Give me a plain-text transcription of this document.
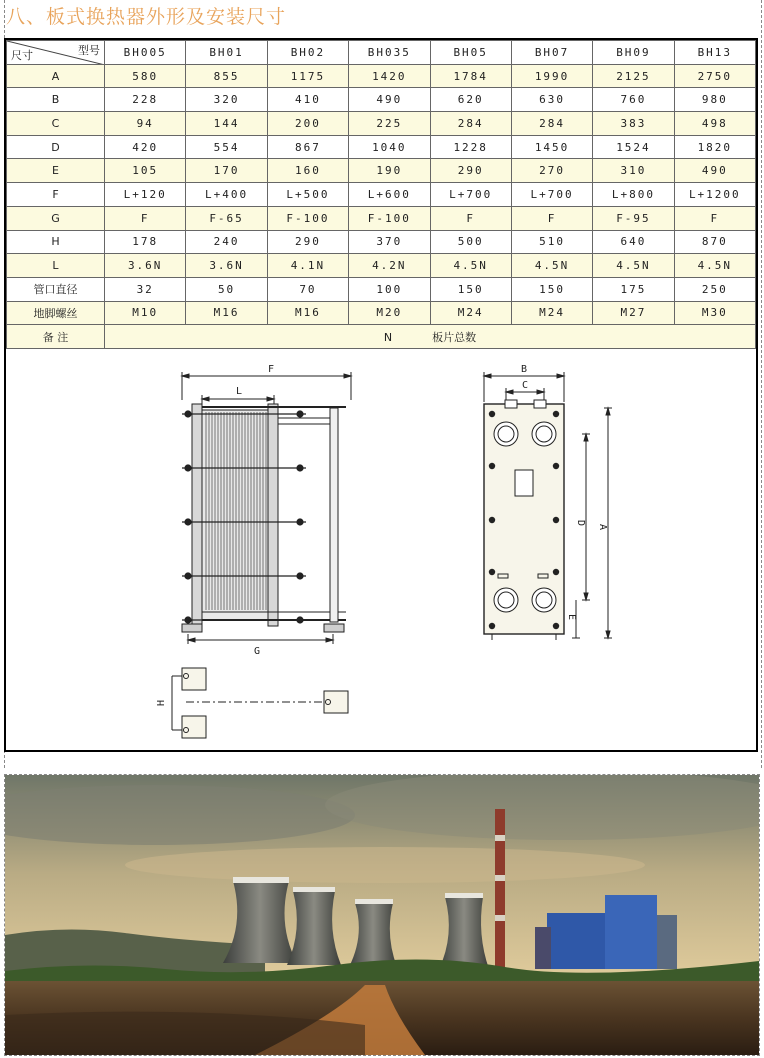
八、板式换热器外形及安装尺寸
型号
尺寸	BH005	BH01	BH02	BH035	BH05	BH07	BH09	BH13
A	580	855	1175	1420	1784	1990	2125	2750
B	228	320	410	490	620	630	760	980
C	94	144	200	225	284	284	383	498
D	420	554	867	1040	1228	1450	1524	1820
E	105	170	160	190	290	270	310	490
F	L+120	L+400	L+500	L+600	L+700	L+700	L+800	L+1200
G	F	F-65	F-100	F-100	F	F	F-95	F
H	178	240	290	370	500	510	640	870
L	3.6N	3.6N	4.1N	4.2N	4.5N	4.5N	4.5N	4.5N
管口直径	32	50	70	100	150	150	175	250
地脚螺丝	M10	M16	M16	M20	M24	M24	M27	M30
备 注	N 板片总数							
F
L
G
B
C
D
A
E
H
